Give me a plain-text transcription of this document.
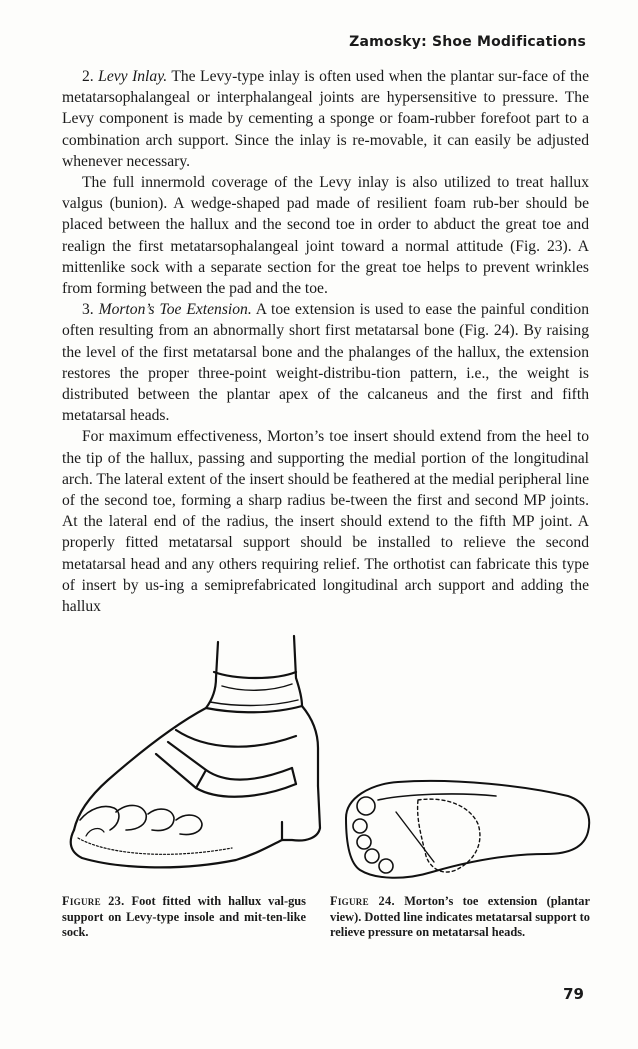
Zamosky: Shoe Modifications

2. Levy Inlay. The Levy-type inlay is often used when the plantar sur-face of the metatarsophalangeal or interphalangeal joints are hypersensitive to pressure. The Levy component is made by cementing a sponge or foam-rubber forefoot part to a combination arch support. Since the inlay is re-movable, it can easily be adjusted whenever necessary.

The full innermold coverage of the Levy inlay is also utilized to treat hallux valgus (bunion). A wedge-shaped pad made of resilient foam rub-ber should be placed between the hallux and the second toe in order to abduct the great toe and realign the first metatarsophalangeal joint toward a normal attitude (Fig. 23). A mittenlike sock with a separate section for the great toe helps to prevent wrinkles from forming between the pad and the toe.

3. Morton’s Toe Extension. A toe extension is used to ease the painful condition often resulting from an abnormally short first metatarsal bone (Fig. 24). By raising the level of the first metatarsal bone and the phalanges of the hallux, the extension restores the proper three-point weight-distribu-tion pattern, i.e., the weight is distributed between the plantar apex of the calcaneus and the first and fifth metatarsal heads.

For maximum effectiveness, Morton’s toe insert should extend from the heel to the tip of the hallux, passing and supporting the medial portion of the longitudinal arch. The lateral extent of the insert should be feathered at the medial peripheral line of the second toe, forming a sharp radius be-tween the first and second MP joints. At the lateral end of the radius, the insert should extend to the fifth MP joint. A properly fitted metatarsal support should be installed to relieve the second metatarsal head and any others requiring relief. The orthotist can fabricate this type of insert by us-ing a semiprefabricated longitudinal arch support and adding the hallux

Figure 23. Foot fitted with hallux val-gus support on Levy-type insole and mit-ten-like sock.
Figure 24. Morton’s toe extension (plantar view). Dotted line indicates metatarsal support to relieve pressure on metatarsal heads.
79
